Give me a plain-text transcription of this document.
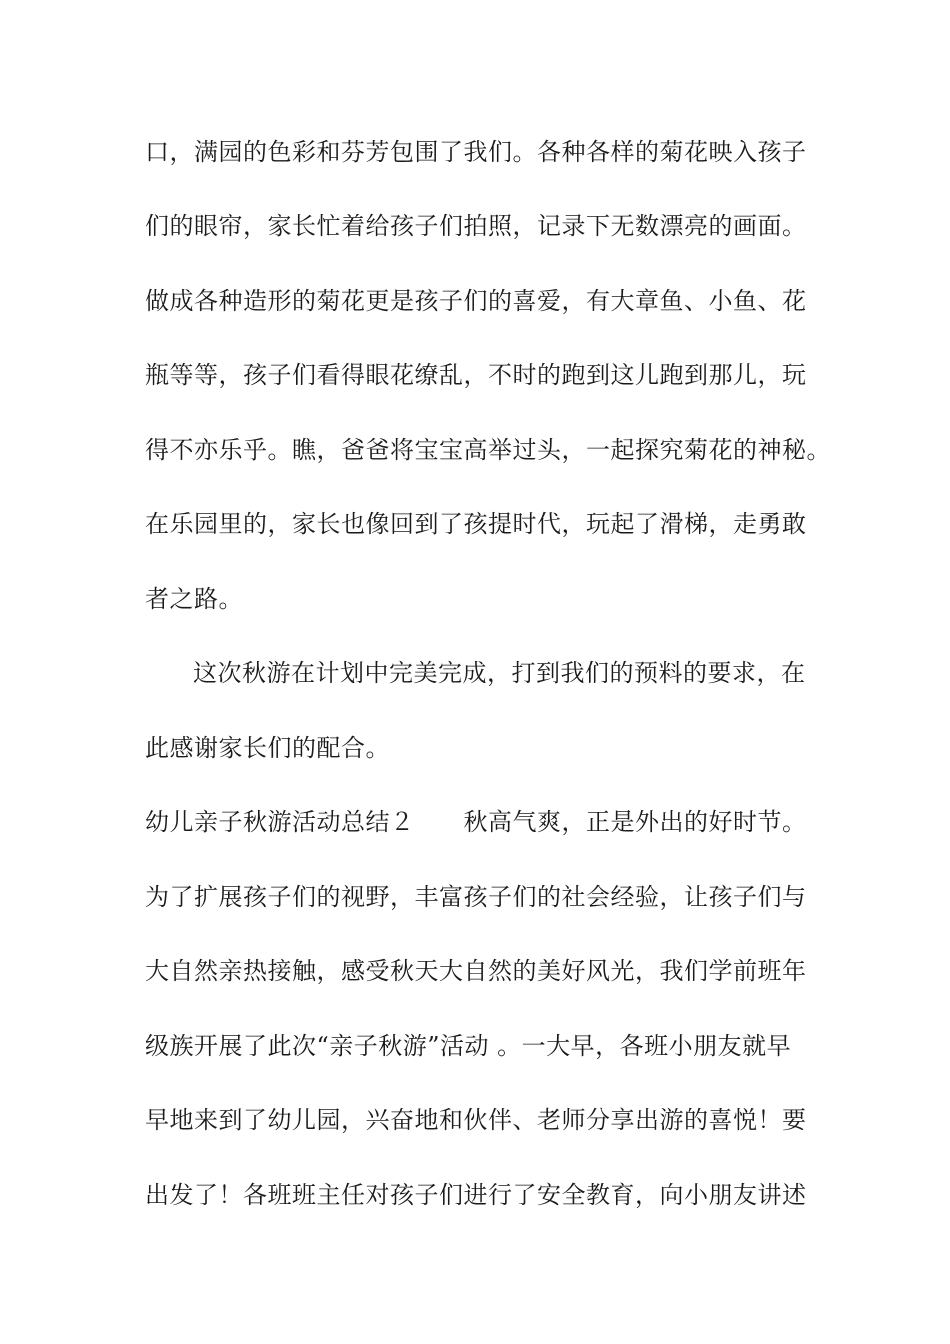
口，满园的色彩和芬芳包围了我们。各种各样的菊花映入孩子
们的眼帘，家长忙着给孩子们拍照，记录下无数漂亮的画面。
做成各种造形的菊花更是孩子们的喜爱，有大章鱼、小鱼、花
瓶等等，孩子们看得眼花缭乱，不时的跑到这儿跑到那儿，玩
得不亦乐乎。瞧，爸爸将宝宝高举过头，一起探究菊花的神秘。
在乐园里的，家长也像回到了孩提时代，玩起了滑梯，走勇敢
者之路。
这次秋游在计划中完美完成，打到我们的预料的要求，在
此感谢家长们的配合。
幼儿亲子秋游活动总结２　　秋高气爽，正是外出的好时节。
为了扩展孩子们的视野，丰富孩子们的社会经验，让孩子们与
大自然亲热接触，感受秋天大自然的美好风光，我们学前班年
级族开展了此次“亲子秋游”活动 。一大早，各班小朋友就早
早地来到了幼儿园，兴奋地和伙伴、老师分享出游的喜悦！要
出发了！各班班主任对孩子们进行了安全教育，向小朋友讲述
